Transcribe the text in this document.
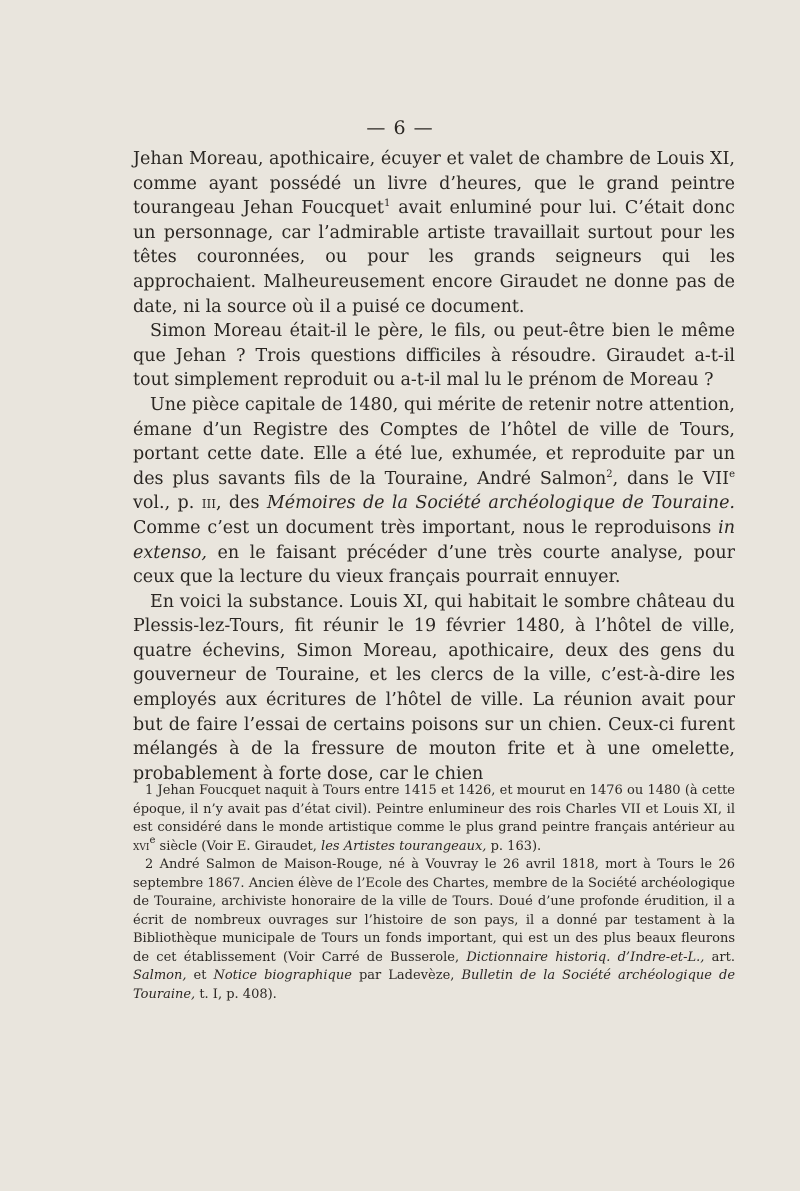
— 6 —

Jehan Moreau, apothicaire, écuyer et valet de chambre de Louis XI, comme ayant possédé un livre d’heures, que le grand peintre tourangeau Jehan Foucquet$^1$ avait enluminé pour lui. C’était donc un personnage, car l’admirable artiste travaillait surtout pour les têtes couronnées, ou pour les grands seigneurs qui les approchaient. Malheureusement encore Giraudet ne donne pas de date, ni la source où il a puisé ce document.

Simon Moreau était-il le père, le fils, ou peut-être bien le même que Jehan ? Trois questions difficiles à résoudre. Giraudet a-t-il tout simplement reproduit ou a-t-il mal lu le prénom de Moreau ?

Une pièce capitale de 1480, qui mérite de retenir notre attention, émane d’un Registre des Comptes de l’hôtel de ville de Tours, portant cette date. Elle a été lue, exhumée, et reproduite par un des plus savants fils de la Touraine, André Salmon$^2$, dans le VIIe vol., p. iii, des Mémoires de la Société archéologique de Touraine. Comme c’est un document très important, nous le reproduisons in extenso, en le faisant précéder d’une très courte analyse, pour ceux que la lecture du vieux français pourrait ennuyer.

En voici la substance. Louis XI, qui habitait le sombre château du Plessis-lez-Tours, fit réunir le 19 février 1480, à l’hôtel de ville, quatre échevins, Simon Moreau, apothicaire, deux des gens du gouverneur de Touraine, et les clercs de la ville, c’est-à-dire les employés aux écritures de l’hôtel de ville. La réunion avait pour but de faire l’essai de certains poisons sur un chien. Ceux-ci furent mélangés à de la fressure de mouton frite et à une omelette, probablement à forte dose, car le chien

1 Jehan Foucquet naquit à Tours entre 1415 et 1426, et mourut en 1476 ou 1480 (à cette époque, il n’y avait pas d’état civil). Peintre enlumineur des rois Charles VII et Louis XI, il est considéré dans le monde artistique comme le plus grand peintre français antérieur au xvi$^e$ siècle (Voir E. Giraudet, les Artistes tourangeaux, p. 163).

2 André Salmon de Maison-Rouge, né à Vouvray le 26 avril 1818, mort à Tours le 26 septembre 1867. Ancien élève de l’Ecole des Chartes, membre de la Société archéologique de Touraine, archiviste honoraire de la ville de Tours. Doué d’une profonde érudition, il a écrit de nombreux ouvrages sur l’histoire de son pays, il a donné par testament à la Bibliothèque municipale de Tours un fonds important, qui est un des plus beaux fleurons de cet établissement (Voir Carré de Busserole, Dictionnaire historiq. d’Indre-et-L., art. Salmon, et Notice biographique par Ladevèze, Bulletin de la Société archéologique de Touraine, t. I, p. 408).
